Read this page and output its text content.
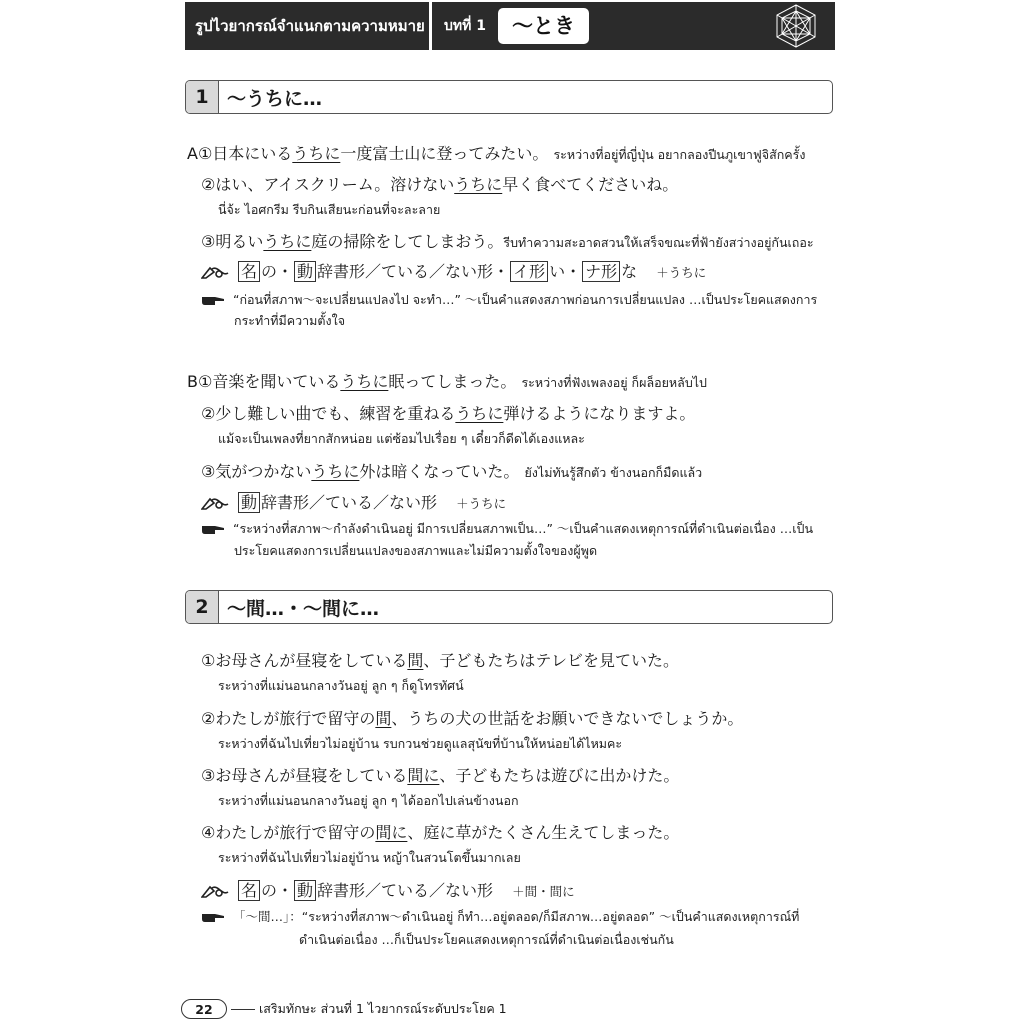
รูปไวยากรณ์จำแนกตามความหมาย	บทที่ 1	〜とき
1 〜うちに…
A①日本にいるうちに一度富士山に登ってみたい。 ระหว่างที่อยู่ที่ญี่ปุ่น อยากลองปีนภูเขาฟูจิสักครั้ง
②はい、アイスクリーム。溶けないうちに早く食べてくださいね。
นี่จ้ะ ไอศกรีม รีบกินเสียนะก่อนที่จะละลาย
③明るいうちに庭の掃除をしてしまおう。รีบทำความสะอาดสวนให้เสร็จขณะที่ฟ้ายังสว่างอยู่กันเถอะ
名 の・ 動 辞書形／ている／ない形・ イ形 い・ ナ形 な ＋うちに
“ก่อนที่สภาพ〜จะเปลี่ยนแปลงไป จะทำ…” 〜เป็นคำแสดงสภาพก่อนการเปลี่ยนแปลง …เป็นประโยคแสดงการ
กระทำที่มีความตั้งใจ
B①音楽を聞いているうちに眠ってしまった。 ระหว่างที่ฟังเพลงอยู่ ก็ผล็อยหลับไป
②少し難しい曲でも、練習を重ねるうちに弾けるようになりますよ。
แม้จะเป็นเพลงที่ยากสักหน่อย แต่ซ้อมไปเรื่อย ๆ เดี๋ยวก็ดีดได้เองแหละ
③気がつかないうちに外は暗くなっていた。 ยังไม่ทันรู้สึกตัว ข้างนอกก็มืดแล้ว
動 辞書形／ている／ない形 ＋うちに
“ระหว่างที่สภาพ〜กำลังดำเนินอยู่ มีการเปลี่ยนสภาพเป็น…” 〜เป็นคำแสดงเหตุการณ์ที่ดำเนินต่อเนื่อง …เป็น
ประโยคแสดงการเปลี่ยนแปลงของสภาพและไม่มีความตั้งใจของผู้พูด
2 〜間…・〜間に…
①お母さんが昼寝をしている間、子どもたちはテレビを見ていた。
ระหว่างที่แม่นอนกลางวันอยู่ ลูก ๆ ก็ดูโทรทัศน์
②わたしが旅行で留守の間、うちの犬の世話をお願いできないでしょうか。
ระหว่างที่ฉันไปเที่ยวไม่อยู่บ้าน รบกวนช่วยดูแลสุนัขที่บ้านให้หน่อยได้ไหมคะ
③お母さんが昼寝をしている間に、子どもたちは遊びに出かけた。
ระหว่างที่แม่นอนกลางวันอยู่ ลูก ๆ ได้ออกไปเล่นข้างนอก
④わたしが旅行で留守の間に、庭に草がたくさん生えてしまった。
ระหว่างที่ฉันไปเที่ยวไม่อยู่บ้าน หญ้าในสวนโตขึ้นมากเลย
名 の・ 動 辞書形／ている／ない形 ＋間・間に
「〜間…」：“ระหว่างที่สภาพ〜ดำเนินอยู่ ก็ทำ…อยู่ตลอด/ก็มีสภาพ…อยู่ตลอด” 〜เป็นคำแสดงเหตุการณ์ที่
ดำเนินต่อเนื่อง …ก็เป็นประโยคแสดงเหตุการณ์ที่ดำเนินต่อเนื่องเช่นกัน
22	เสริมทักษะ ส่วนที่ 1 ไวยากรณ์ระดับประโยค 1
